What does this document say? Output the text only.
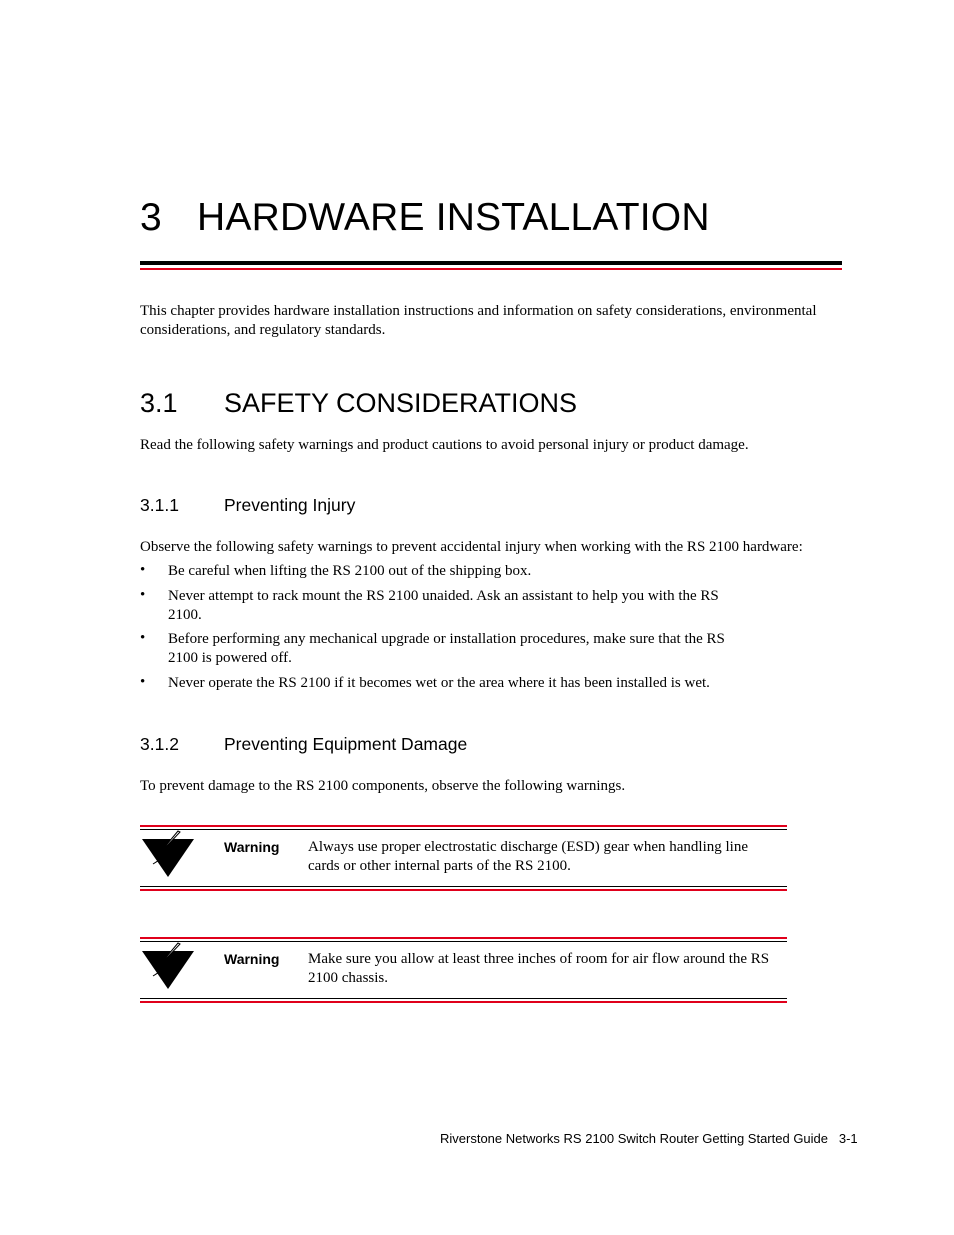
3 HARDWARE INSTALLATION
This chapter provides hardware installation instructions and information on safety considerations, environmental considerations, and regulatory standards.
3.1 SAFETY CONSIDERATIONS
Read the following safety warnings and product cautions to avoid personal injury or product damage.
3.1.1	Preventing Injury
Observe the following safety warnings to prevent accidental injury when working with the RS 2100 hardware:
• Be careful when lifting the RS 2100 out of the shipping box.
• Never attempt to rack mount the RS 2100 unaided. Ask an assistant to help you with the RS 2100.
• Before performing any mechanical upgrade or installation procedures, make sure that the RS 2100 is powered off.
• Never operate the RS 2100 if it becomes wet or the area where it has been installed is wet.
3.1.2	Preventing Equipment Damage
To prevent damage to the RS 2100 components, observe the following warnings.
Warning Always use proper electrostatic discharge (ESD) gear when handling line cards or other internal parts of the RS 2100.
Warning Make sure you allow at least three inches of room for air flow around the RS 2100 chassis.
Riverstone Networks RS 2100 Switch Router Getting Started Guide   3-1
